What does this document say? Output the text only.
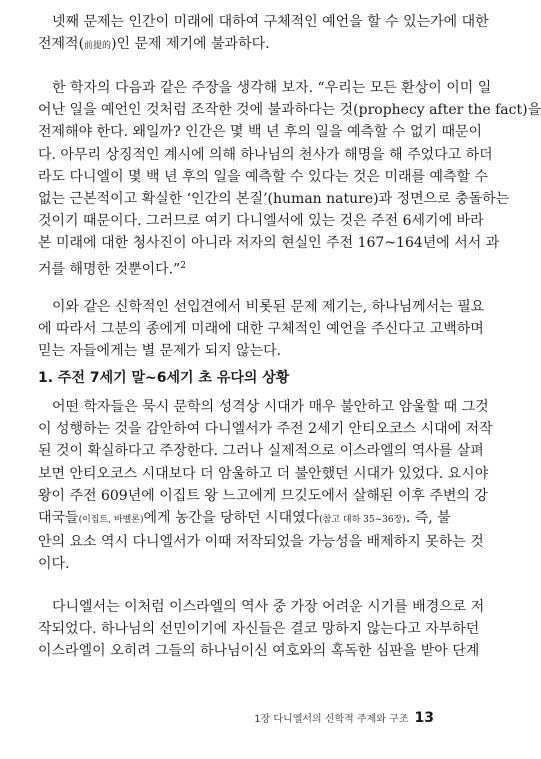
넷째 문제는 인간이 미래에 대하여 구체적인 예언을 할 수 있는가에 대한
전제적(前提的)인 문제 제기에 불과하다.
한 학자의 다음과 같은 주장을 생각해 보자. “우리는 모든 환상이 이미 일
어난 일을 예언인 것처럼 조작한 것에 불과하다는 것(prophecy after the fact)을
전제해야 한다. 왜일까? 인간은 몇 백 년 후의 일을 예측할 수 없기 때문이
다. 아무리 상징적인 계시에 의해 하나님의 천사가 해명을 해 주었다고 하더
라도 다니엘이 몇 백 년 후의 일을 예측할 수 있다는 것은 미래를 예측할 수
없는 근본적이고 확실한 ‘인간의 본질’(human nature)과 정면으로 충돌하는
것이기 때문이다. 그러므로 여기 다니엘서에 있는 것은 주전 6세기에 바라
본 미래에 대한 청사진이 아니라 저자의 현실인 주전 167~164년에 서서 과
거를 해명한 것뿐이다.”$^2$
이와 같은 신학적인 선입견에서 비롯된 문제 제기는, 하나님께서는 필요
에 따라서 그분의 종에게 미래에 대한 구체적인 예언을 주신다고 고백하며
믿는 자들에게는 별 문제가 되지 않는다.
1. 주전 7세기 말~6세기 초 유다의 상황
어떤 학자들은 묵시 문학의 성격상 시대가 매우 불안하고 암울할 때 그것
이 성행하는 것을 감안하여 다니엘서가 주전 2세기 안티오코스 시대에 저작
된 것이 확실하다고 주장한다. 그러나 실제적으로 이스라엘의 역사를 살펴
보면 안티오코스 시대보다 더 암울하고 더 불안했던 시대가 있었다. 요시야
왕이 주전 609년에 이집트 왕 느고에게 므깃도에서 살해된 이후 주변의 강
대국들(이집트, 바벨론)에게 농간을 당하던 시대였다(참고 대하 35~36장). 즉, 불
안의 요소 역시 다니엘서가 이때 저작되었을 가능성을 배제하지 못하는 것
이다.
다니엘서는 이처럼 이스라엘의 역사 중 가장 어려운 시기를 배경으로 저
작되었다. 하나님의 선민이기에 자신들은 결코 망하지 않는다고 자부하던
이스라엘이 오히려 그들의 하나님이신 여호와의 혹독한 심판을 받아 단계
1장 다니엘서의 신학적 주제와 구조 13
